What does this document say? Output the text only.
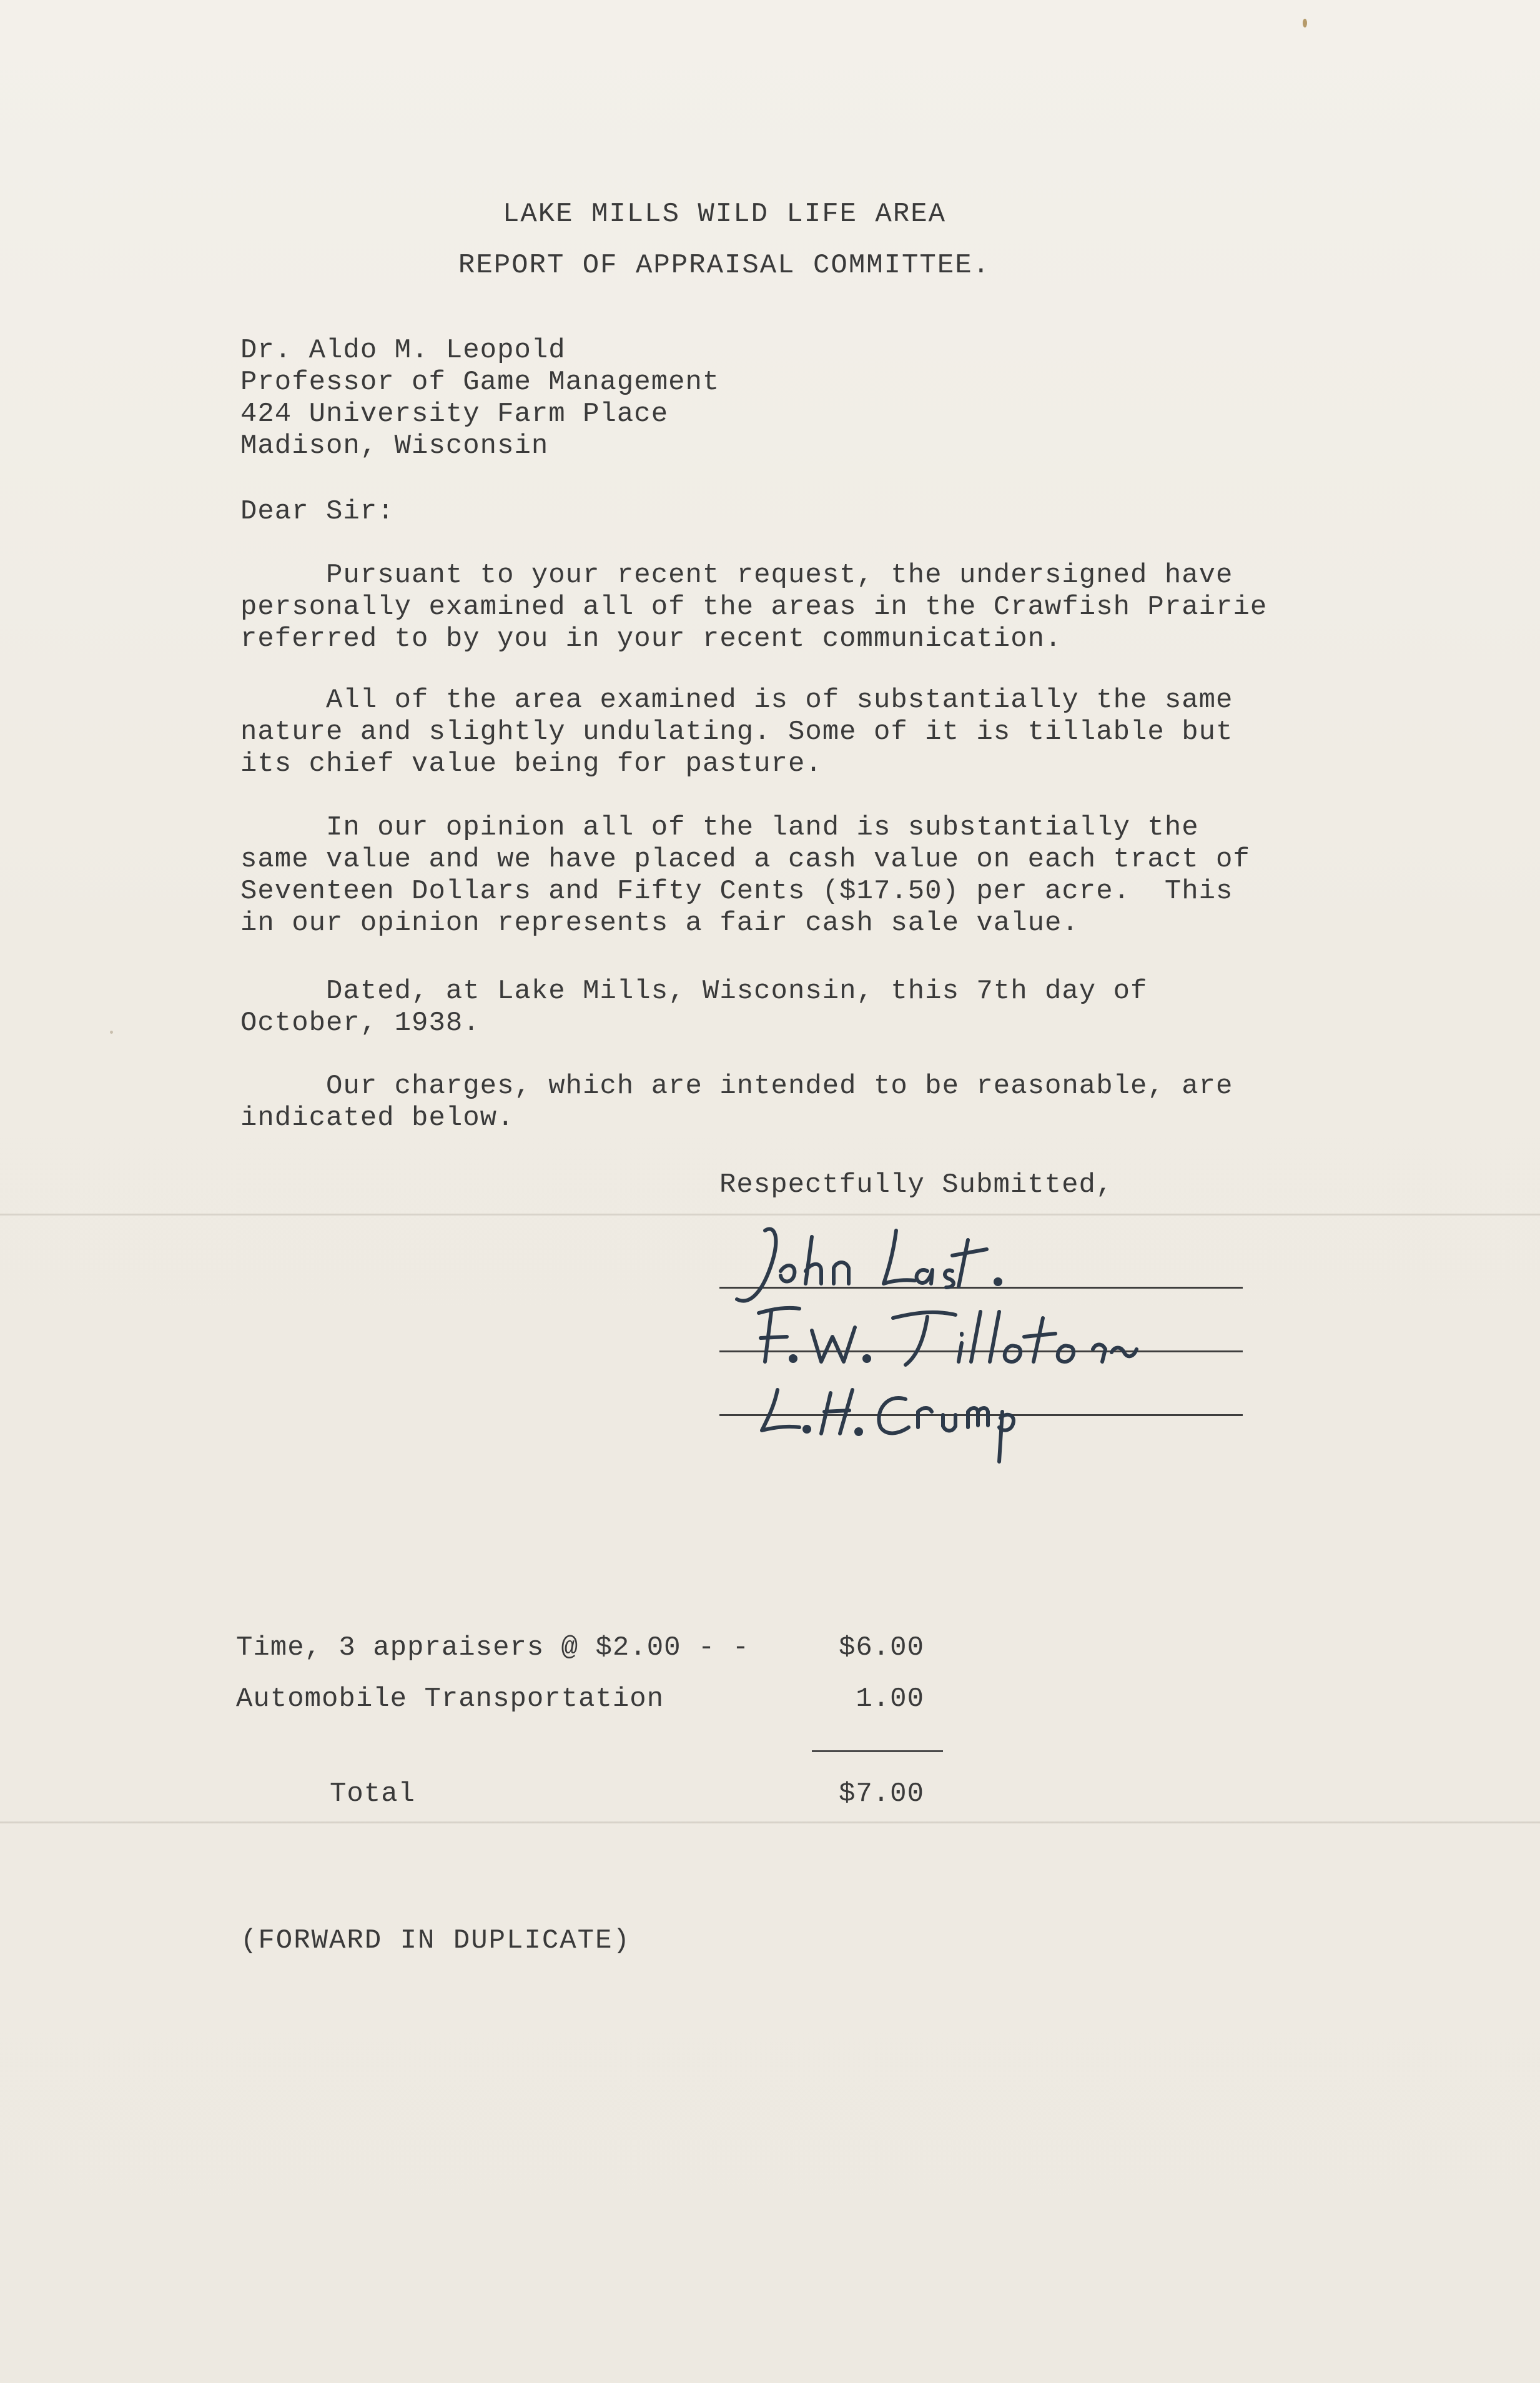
LAKE MILLS WILD LIFE AREA
REPORT OF APPRAISAL COMMITTEE.
Dr. Aldo M. Leopold
Professor of Game Management
424 University Farm Place
Madison, Wisconsin
Dear Sir:
Pursuant to your recent request, the undersigned have
personally examined all of the areas in the Crawfish Prairie
referred to by you in your recent communication.
All of the area examined is of substantially the same
nature and slightly undulating. Some of it is tillable but
its chief value being for pasture.
In our opinion all of the land is substantially the
same value and we have placed a cash value on each tract of
Seventeen Dollars and Fifty Cents ($17.50) per acre.  This
in our opinion represents a fair cash sale value.
Dated, at Lake Mills, Wisconsin, this 7th day of
October, 1938.
Our charges, which are intended to be reasonable, are
indicated below.
Respectfully Submitted,
Time, 3 appraisers @ $2.00 - -	$6.00
Automobile Transportation	1.00
Total	$7.00
(FORWARD IN DUPLICATE)
